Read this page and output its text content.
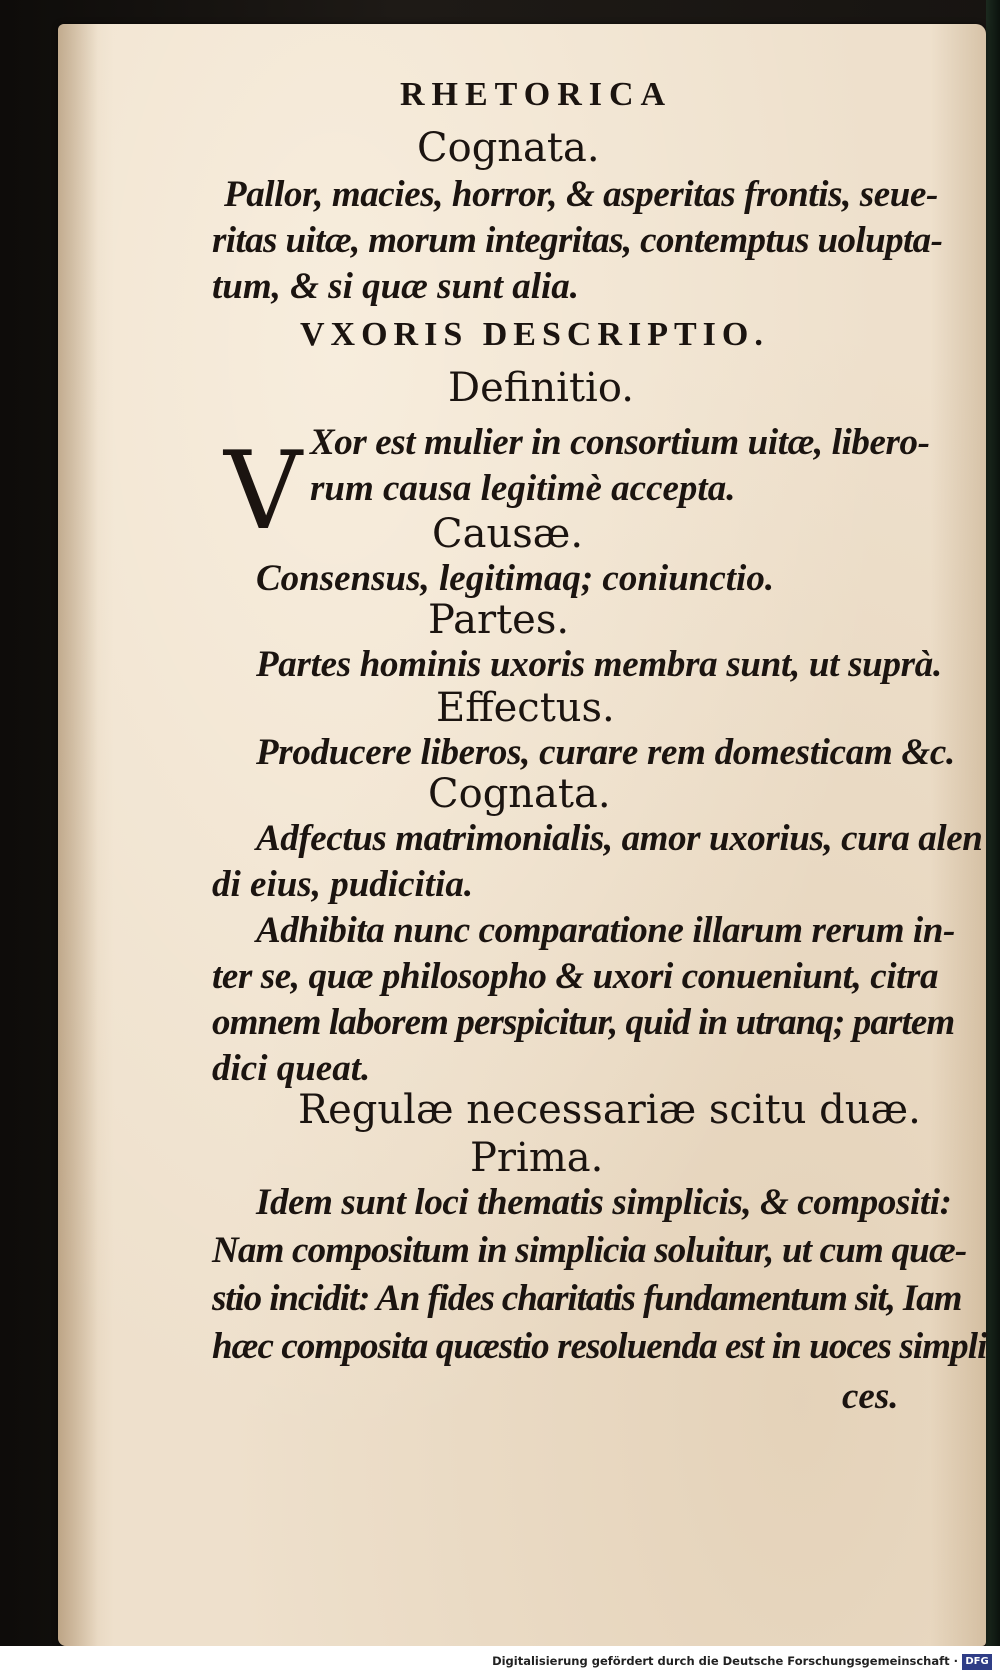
RHETORICA
Cognata.
Pallor, macies, horror, & asperitas frontis, seue-
ritas uitæ, morum integritas, contemptus uolupta-
tum, & si quæ sunt alia.
VXORIS DESCRIPTIO.
Definitio.
V Xor est mulier in consortium uitæ, libero-
rum causa legitimè accepta.
Causæ.
Consensus, legitimaq; coniunctio.
Partes.
Partes hominis uxoris membra sunt, ut suprà.
Effectus.
Producere liberos, curare rem domesticam &c.
Cognata.
Adfectus matrimonialis, amor uxorius, cura alen
di eius, pudicitia.
Adhibita nunc comparatione illarum rerum in-
ter se, quæ philosopho & uxori conueniunt, citra
omnem laborem perspicitur, quid in utranq; partem
dici queat.
Regulæ necessariæ scitu duæ.
Prima.
Idem sunt loci thematis simplicis, & compositi:
Nam compositum in simplicia soluitur, ut cum quæ-
stio incidit: An fides charitatis fundamentum sit, Iam
hæc composita quæstio resoluenda est in uoces simpli
ces.
Digitalisierung gefördert durch die Deutsche Forschungsgemeinschaft · DFG
